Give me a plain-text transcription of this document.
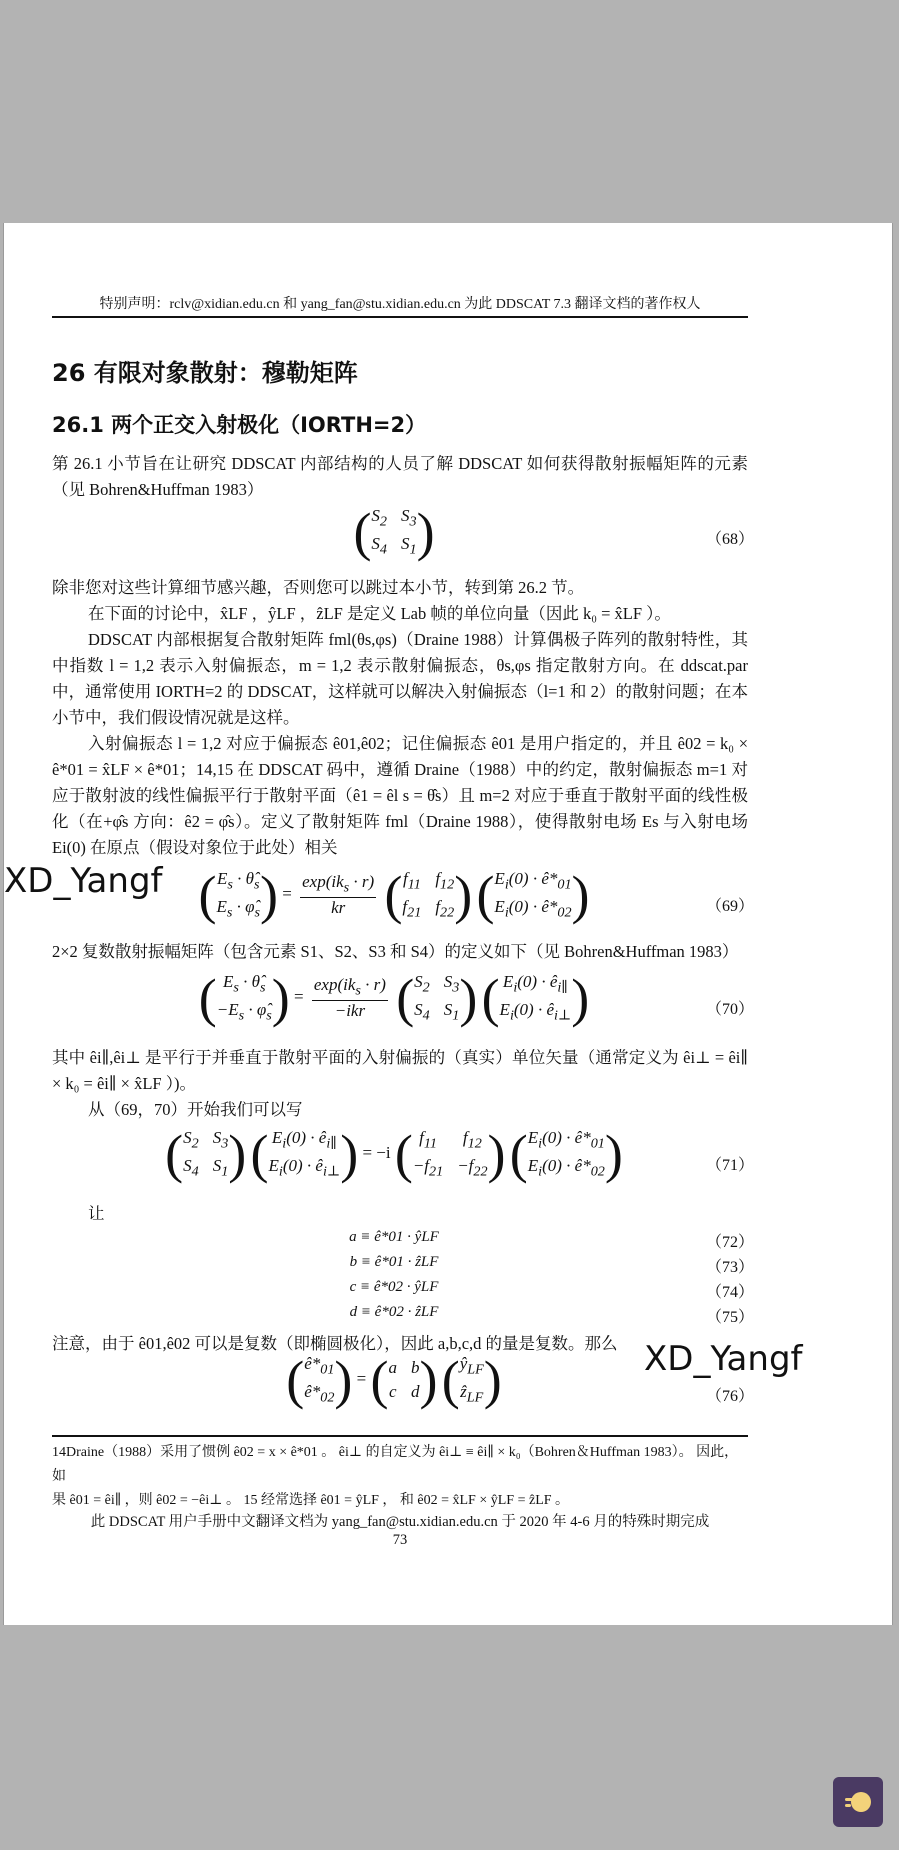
特别声明：rclv@xidian.edu.cn 和 yang_fan@stu.xidian.edu.cn 为此 DDSCAT 7.3 翻译文档的著作权人
26 有限对象散射：穆勒矩阵
26.1 两个正交入射极化（IORTH=2）
第 26.1 小节旨在让研究 DDSCAT 内部结构的人员了解 DDSCAT 如何获得散射振幅矩阵的元素（见 Bohren&Huffman 1983）
( $S_2$ $S_3$
$S_4$ $S_1$ )	（68）
除非您对这些计算细节感兴趣，否则您可以跳过本小节，转到第 26.2 节。
在下面的讨论中，x̂LF ，ŷLF ，ẑLF 是定义 Lab 帧的单位向量（因此 k₀ = x̂LF ）。
DDSCAT 内部根据复合散射矩阵 fml(θs,φs)（Draine 1988）计算偶极子阵列的散射特性，其中指数 l = 1,2 表示入射偏振态，m = 1,2 表示散射偏振态，θs,φs 指定散射方向。在 ddscat.par 中，通常使用 IORTH=2 的 DDSCAT，这样就可以解决入射偏振态（l=1 和 2）的散射问题；在本小节中，我们假设情况就是这样。
入射偏振态 l = 1,2 对应于偏振态 ê01,ê02；记住偏振态 ê01 是用户指定的，并且 ê02 = k₀ × ê*01 = x̂LF × ê*01；14,15 在 DDSCAT 码中，遵循 Draine（1988）中的约定，散射偏振态 m=1 对应于散射波的线性偏振平行于散射平面（ê1 = êl s = θ̂s）且 m=2 对应于垂直于散射平面的线性极化（在+φ̂s 方向：ê2 = φ̂s）。定义了散射矩阵 fml（Draine 1988），使得散射电场 Es 与入射电场 Ei(0) 在原点（假设对象位于此处）相关
XD_Yangf ( $E_s$ · $\thetâ_s$
$E_s$ · $\varphî_s$ ) = $\frac{\exp(ik_s \cdot r)}{kr}$
( $f_{11}$ $f_{12}$
$f_{21}$ $f_{22}$ )
( $E_i(0)$ · $ê*_{01}$
$E_i(0)$ · $ê*_{02}$ )	（69）
2×2 复数散射振幅矩阵（包含元素 S1、S2、S3 和 S4）的定义如下（见 Bohren&Huffman 1983）
( $E_s$ · $\thetâ_s$
$-E_s$ · $\varphî_s$ ) = $\frac{\exp(ik_s \cdot r)}{\text{−ikr}}$
( $S_2$ $S_3$
$S_4$ $S_1$ )
( $E_i(0)$ · $ê_{i\parallel}$
$E_i(0)$ · $ê_{i\perp}$ )	（70）
其中 êi∥,êi⊥ 是平行于并垂直于散射平面的入射偏振的（真实）单位矢量（通常定义为 êi⊥ = êi∥ × k₀ = êi∥ × x̂LF ）)。
从（69，70）开始我们可以写
( $S_2$ $S_3$
$S_4$ $S_1$ )
( $E_i(0)$ · $ê_{i\parallel}$
$E_i(0)$ · $ê_{i\perp}$ ) = −i ( $f_{11}$	$f_{12}$
$-f_{21} -f_{22}$ )
( $E_i(0)$ · $ê*_{01}$
$E_i(0)$ · $ê*_{02}$ )	（71）
让
a ≡ ê*01 · ŷLF	（72）
b ≡ ê*01 · ẑLF	（73）
c ≡ ê*02 · ŷLF	（74）
d ≡ ê*02 · ẑLF	（75）
注意，由于 ê01,ê02 可以是复数（即椭圆极化），因此 a,b,c,d 的量是复数。那么 XD_Yangf
( $ê*_{01}$
$ê*_{02}$ ) = ( a b
c d )
( $ŷ_{LF}$
ẑ$_{LF}$ )	（76）
14Draine（1988）采用了惯例 ê02 = x × ê*01 。 êi⊥ 的自定义为 êi⊥ ≡ êi∥ × k₀（Bohren＆Huffman 1983）。 因此，如
果 ê01 = êi∥ ，则 ê02 = −êi⊥ 。 15 经常选择 ê01 = ŷLF ， 和 ê02 = x̂LF × ŷLF = ẑLF 。
此 DDSCAT 用户手册中文翻译文档为 yang_fan@stu.xidian.edu.cn 于 2020 年 4-6 月的特殊时期完成
73
